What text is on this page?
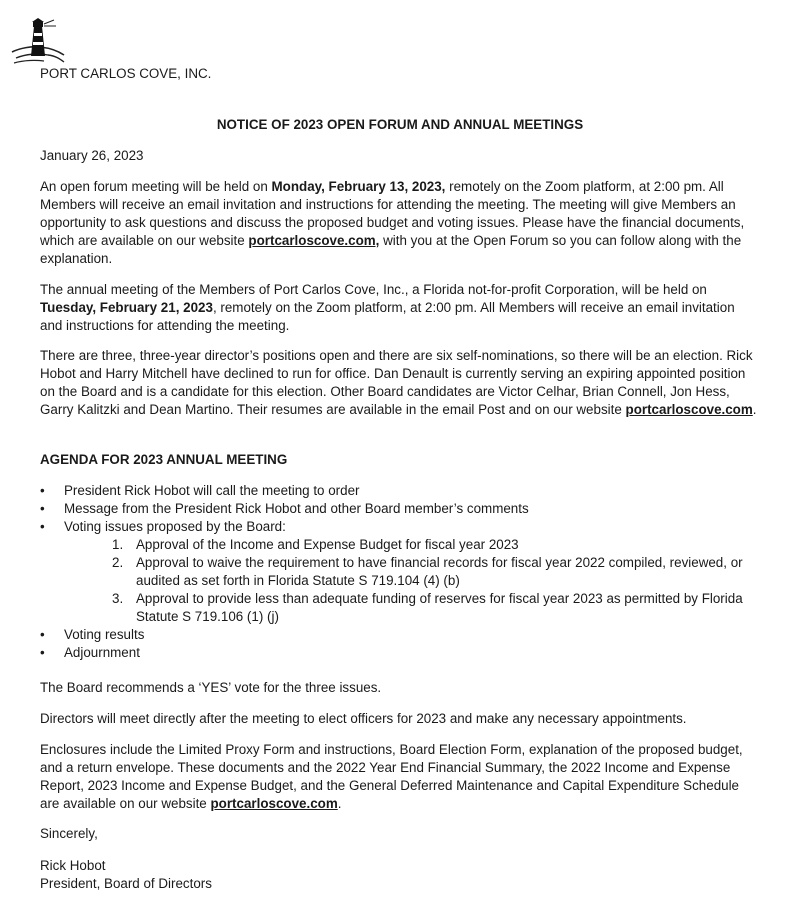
PORT CARLOS COVE, INC.
NOTICE OF 2023 OPEN FORUM AND ANNUAL MEETINGS

January 26, 2023

An open forum meeting will be held on Monday, February 13, 2023, remotely on the Zoom platform, at 2:00 pm. All Members will receive an email invitation and instructions for attending the meeting. The meeting will give Members an opportunity to ask questions and discuss the proposed budget and voting issues. Please have the financial documents, which are available on our website portcarloscove.com, with you at the Open Forum so you can follow along with the explanation.

The annual meeting of the Members of Port Carlos Cove, Inc., a Florida not-for-profit Corporation, will be held on Tuesday, February 21, 2023, remotely on the Zoom platform, at 2:00 pm. All Members will receive an email invitation and instructions for attending the meeting.

There are three, three-year director’s positions open and there are six self-nominations, so there will be an election. Rick Hobot and Harry Mitchell have declined to run for office. Dan Denault is currently serving an expiring appointed position on the Board and is a candidate for this election. Other Board candidates are Victor Celhar, Brian Connell, Jon Hess, Garry Kalitzki and Dean Martino. Their resumes are available in the email Post and on our website portcarloscove.com.

AGENDA FOR 2023 ANNUAL MEETING
• President Rick Hobot will call the meeting to order
• Message from the President Rick Hobot and other Board member’s comments
• Voting issues proposed by the Board:
1. Approval of the Income and Expense Budget for fiscal year 2023
2. Approval to waive the requirement to have financial records for fiscal year 2022 compiled, reviewed, or audited as set forth in Florida Statute S 719.104 (4) (b)
3. Approval to provide less than adequate funding of reserves for fiscal year 2023 as permitted by Florida Statute S 719.106 (1) (j)
• Voting results
• Adjournment

The Board recommends a ‘YES’ vote for the three issues.

Directors will meet directly after the meeting to elect officers for 2023 and make any necessary appointments.

Enclosures include the Limited Proxy Form and instructions, Board Election Form, explanation of the proposed budget, and a return envelope. These documents and the 2022 Year End Financial Summary, the 2022 Income and Expense Report, 2023 Income and Expense Budget, and the General Deferred Maintenance and Capital Expenditure Schedule are available on our website portcarloscove.com.

Sincerely,

Rick Hobot

President, Board of Directors
